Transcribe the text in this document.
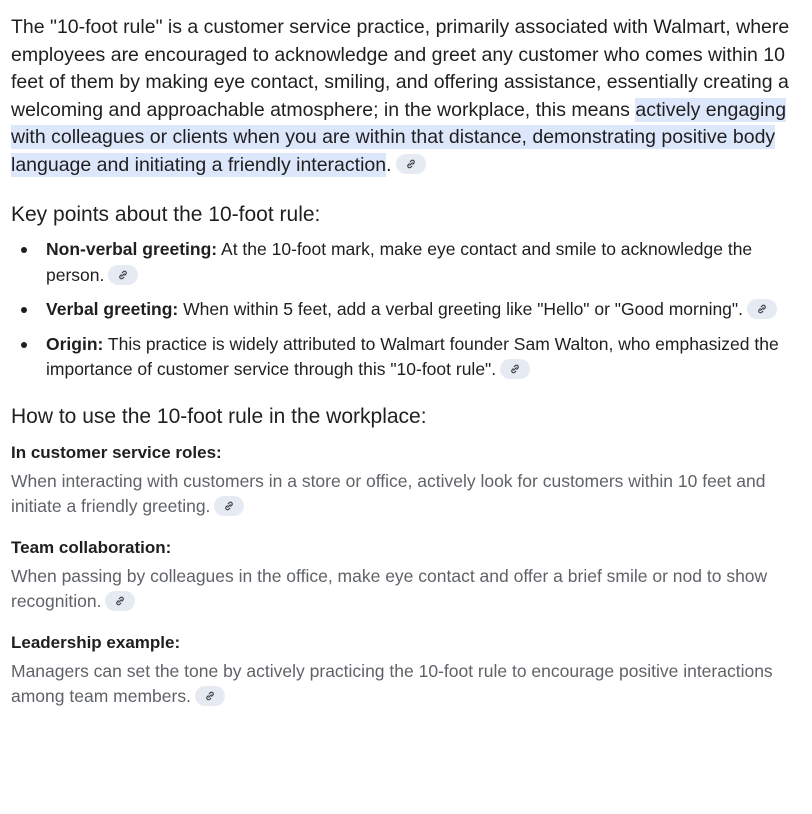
The "10-foot rule" is a customer service practice, primarily associated with Walmart, where employees are encouraged to acknowledge and greet any customer who comes within 10 feet of them by making eye contact, smiling, and offering assistance, essentially creating a welcoming and approachable atmosphere; in the workplace, this means actively engaging with colleagues or clients when you are within that distance, demonstrating positive body language and initiating a friendly interaction.

Key points about the 10-foot rule:
Non-verbal greeting: At the 10-foot mark, make eye contact and smile to acknowledge the person.
Verbal greeting: When within 5 feet, add a verbal greeting like "Hello" or "Good morning".
Origin: This practice is widely attributed to Walmart founder Sam Walton, who emphasized the importance of customer service through this "10-foot rule".
How to use the 10-foot rule in the workplace:
In customer service roles:

When interacting with customers in a store or office, actively look for customers within 10 feet and initiate a friendly greeting.

Team collaboration:

When passing by colleagues in the office, make eye contact and offer a brief smile or nod to show recognition.

Leadership example:

Managers can set the tone by actively practicing the 10-foot rule to encourage positive interactions among team members.
